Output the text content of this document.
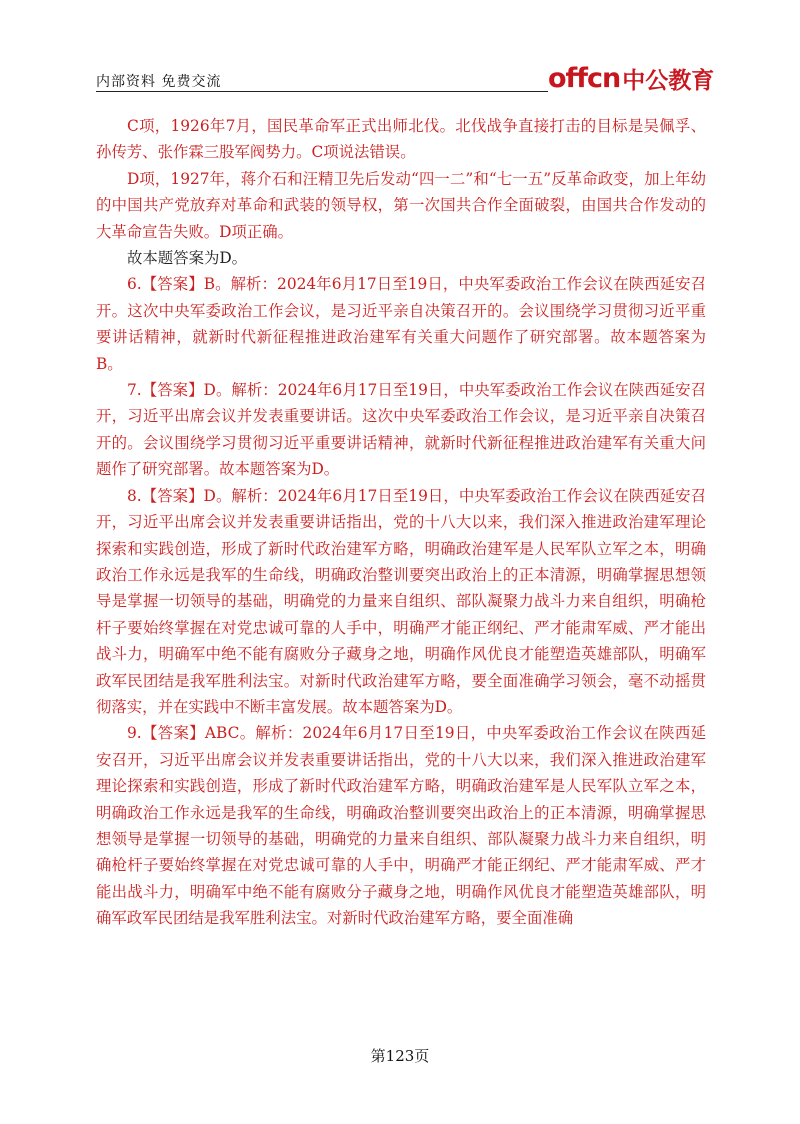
内部资料 免费交流	offcn中公教育

C项，1926年7月，国民革命军正式出师北伐。北伐战争直接打击的目标是吴佩孚、孙传芳、张作霖三股军阀势力。C项说法错误。

D项，1927年，蒋介石和汪精卫先后发动“四一二”和“七一五”反革命政变，加上年幼的中国共产党放弃对革命和武装的领导权，第一次国共合作全面破裂，由国共合作发动的大革命宣告失败。D项正确。

故本题答案为D。

6.【答案】B。解析：2024年6月17日至19日，中央军委政治工作会议在陕西延安召开。这次中央军委政治工作会议，是习近平亲自决策召开的。会议围绕学习贯彻习近平重要讲话精神，就新时代新征程推进政治建军有关重大问题作了研究部署。故本题答案为B。

7.【答案】D。解析：2024年6月17日至19日，中央军委政治工作会议在陕西延安召开，习近平出席会议并发表重要讲话。这次中央军委政治工作会议，是习近平亲自决策召开的。会议围绕学习贯彻习近平重要讲话精神，就新时代新征程推进政治建军有关重大问题作了研究部署。故本题答案为D。

8.【答案】D。解析：2024年6月17日至19日，中央军委政治工作会议在陕西延安召开，习近平出席会议并发表重要讲话指出，党的十八大以来，我们深入推进政治建军理论探索和实践创造，形成了新时代政治建军方略，明确政治建军是人民军队立军之本，明确政治工作永远是我军的生命线，明确政治整训要突出政治上的正本清源，明确掌握思想领导是掌握一切领导的基础，明确党的力量来自组织、部队凝聚力战斗力来自组织，明确枪杆子要始终掌握在对党忠诚可靠的人手中，明确严才能正纲纪、严才能肃军威、严才能出战斗力，明确军中绝不能有腐败分子藏身之地，明确作风优良才能塑造英雄部队，明确军政军民团结是我军胜利法宝。对新时代政治建军方略，要全面准确学习领会，毫不动摇贯彻落实，并在实践中不断丰富发展。故本题答案为D。

9.【答案】ABC。解析：2024年6月17日至19日，中央军委政治工作会议在陕西延安召开，习近平出席会议并发表重要讲话指出，党的十八大以来，我们深入推进政治建军理论探索和实践创造，形成了新时代政治建军方略，明确政治建军是人民军队立军之本，明确政治工作永远是我军的生命线，明确政治整训要突出政治上的正本清源，明确掌握思想领导是掌握一切领导的基础，明确党的力量来自组织、部队凝聚力战斗力来自组织，明确枪杆子要始终掌握在对党忠诚可靠的人手中，明确严才能正纲纪、严才能肃军威、严才能出战斗力，明确军中绝不能有腐败分子藏身之地，明确作风优良才能塑造英雄部队，明确军政军民团结是我军胜利法宝。对新时代政治建军方略，要全面准确

第123页
